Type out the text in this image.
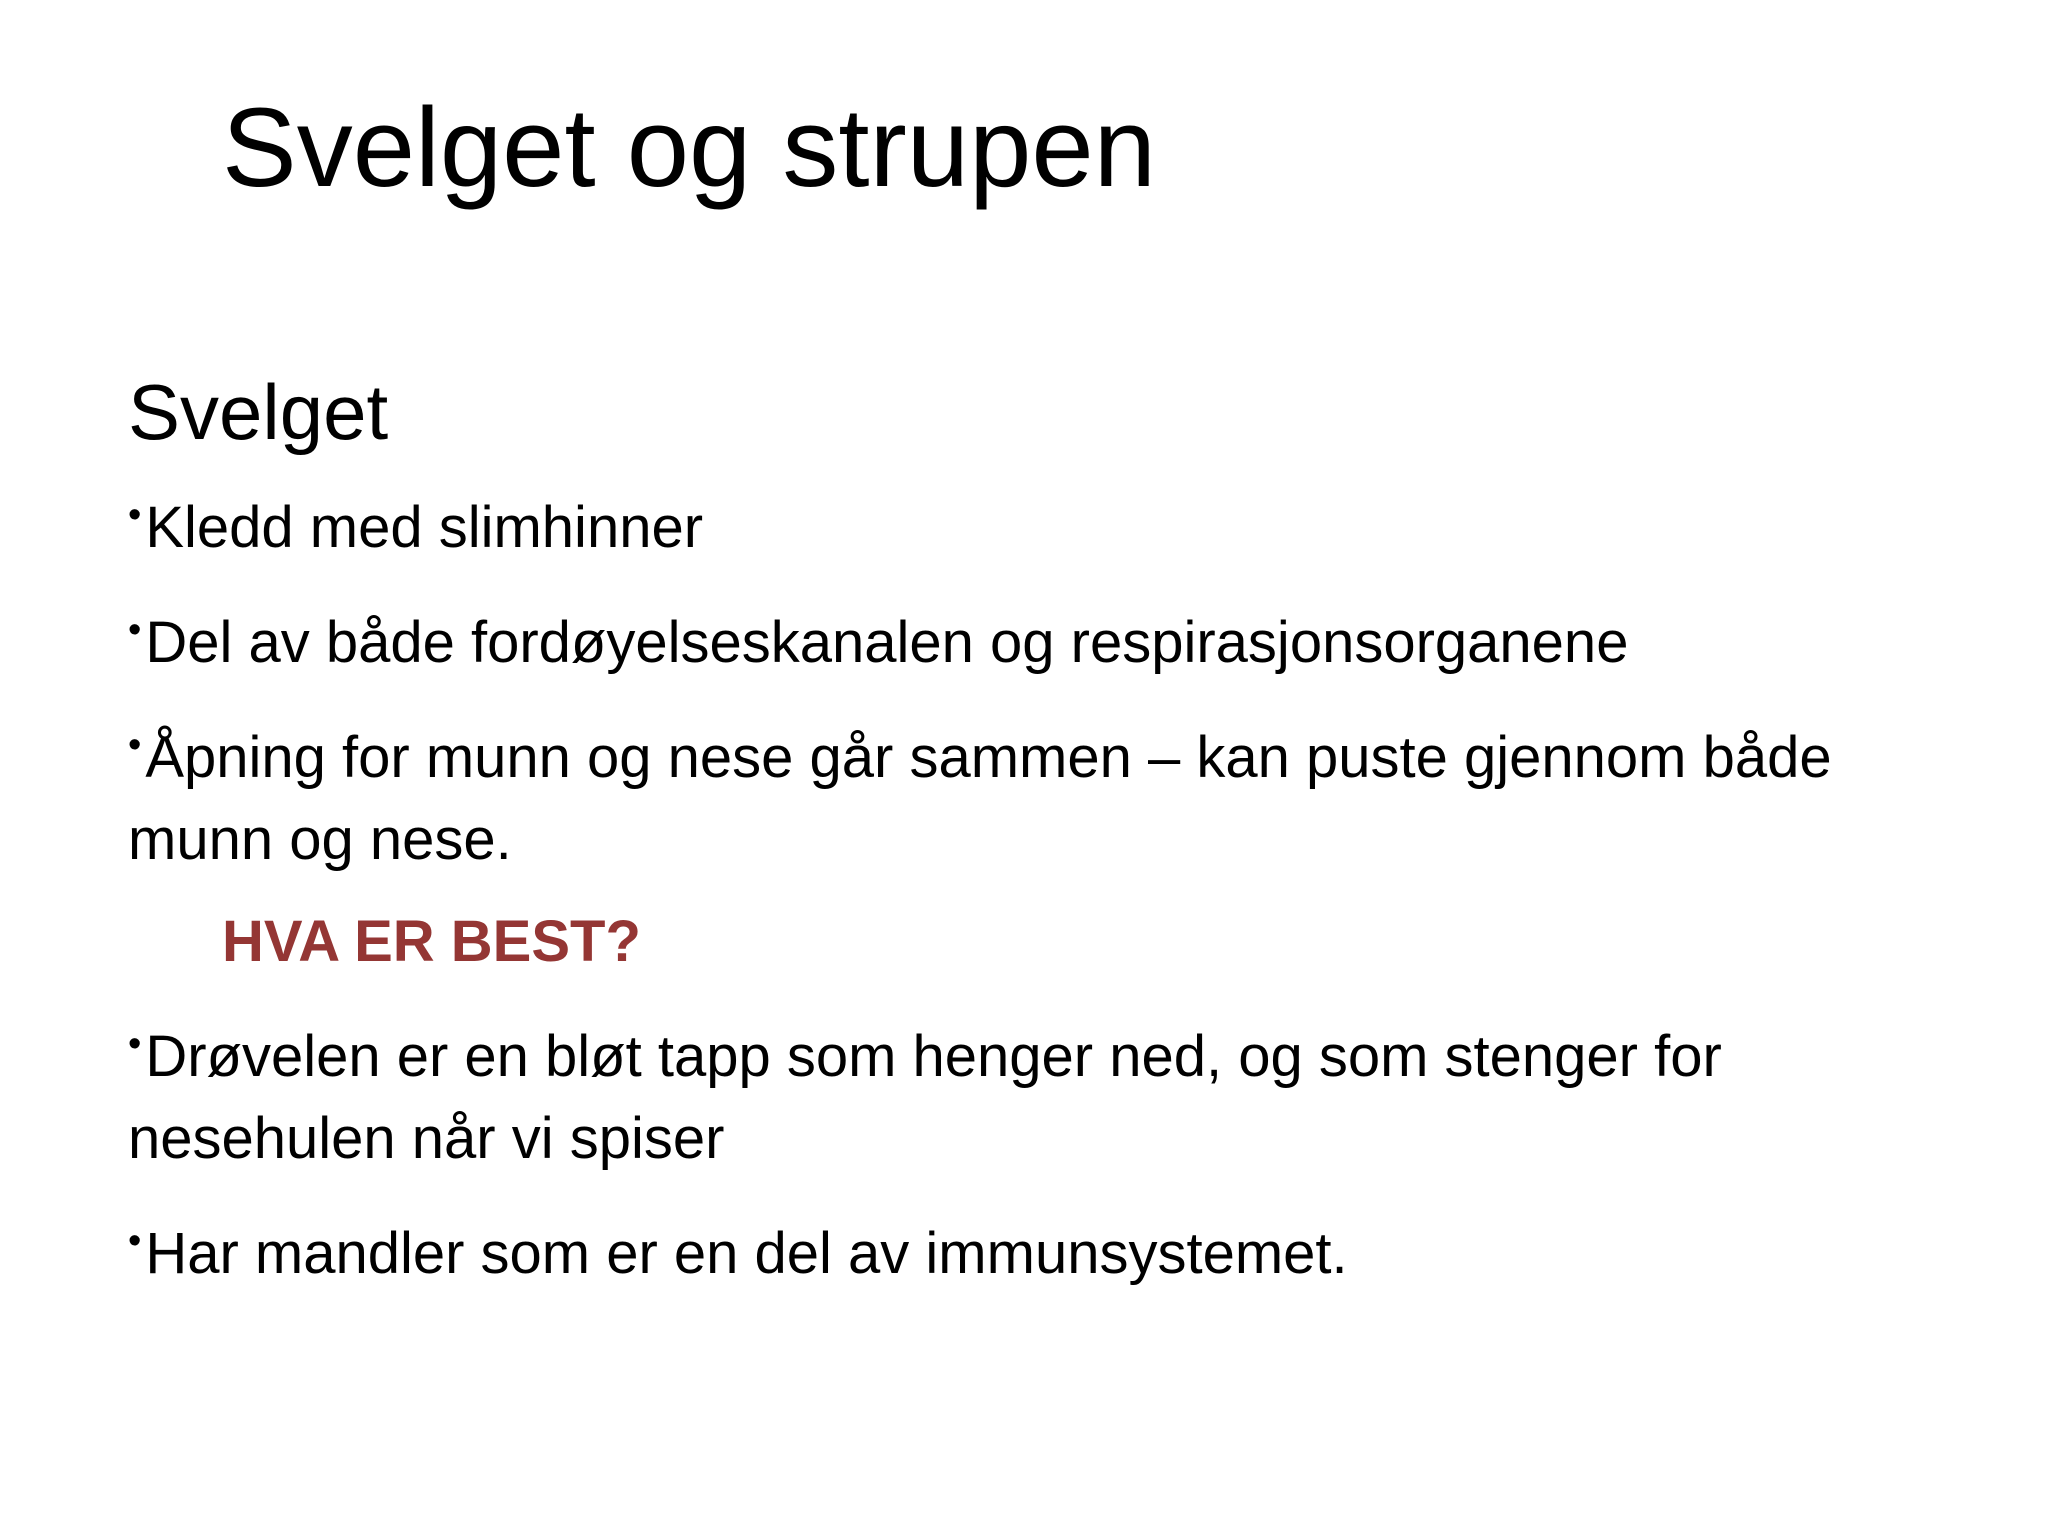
Svelget og strupen
Svelget
•Kledd med slimhinner
•Del av både fordøyelseskanalen og respirasjonsorganene
•Åpning for munn og nese går sammen – kan puste gjennom både munn og nese.
HVA ER BEST?
•Drøvelen er en bløt tapp som henger ned, og som stenger for nesehulen når vi spiser
•Har mandler som er en del av immunsystemet.
